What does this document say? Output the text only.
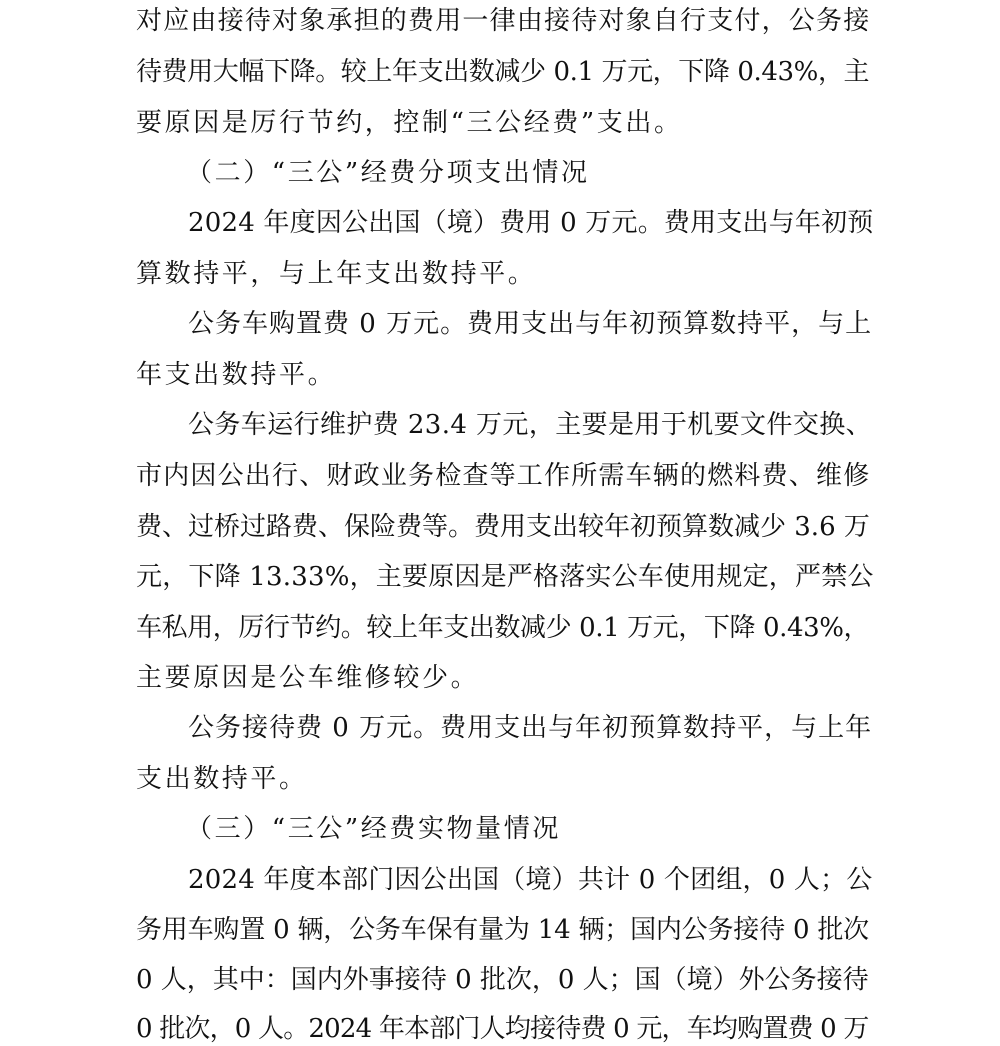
对应由接待对象承担的费用一律由接待对象自行支付，公务接
待费用大幅下降。较上年支出数减少 0.1 万元，下降 0.43%，主
要原因是厉行节约，控制“三公经费”支出。
（二）“三公”经费分项支出情况
2024 年度因公出国（境）费用 0 万元。费用支出与年初预
算数持平，与上年支出数持平。
公务车购置费 0 万元。费用支出与年初预算数持平，与上
年支出数持平。
公务车运行维护费 23.4 万元，主要是用于机要文件交换、
市内因公出行、财政业务检查等工作所需车辆的燃料费、维修
费、过桥过路费、保险费等。费用支出较年初预算数减少 3.6 万
元，下降 13.33%，主要原因是严格落实公车使用规定，严禁公
车私用，厉行节约。较上年支出数减少 0.1 万元，下降 0.43%，
主要原因是公车维修较少。
公务接待费 0 万元。费用支出与年初预算数持平，与上年
支出数持平。
（三）“三公”经费实物量情况
2024 年度本部门因公出国（境）共计 0 个团组，0 人；公
务用车购置 0 辆，公务车保有量为 14 辆；国内公务接待 0 批次
0 人，其中：国内外事接待 0 批次，0 人；国（境）外公务接待
0 批次，0 人。2024 年本部门人均接待费 0 元，车均购置费 0 万
